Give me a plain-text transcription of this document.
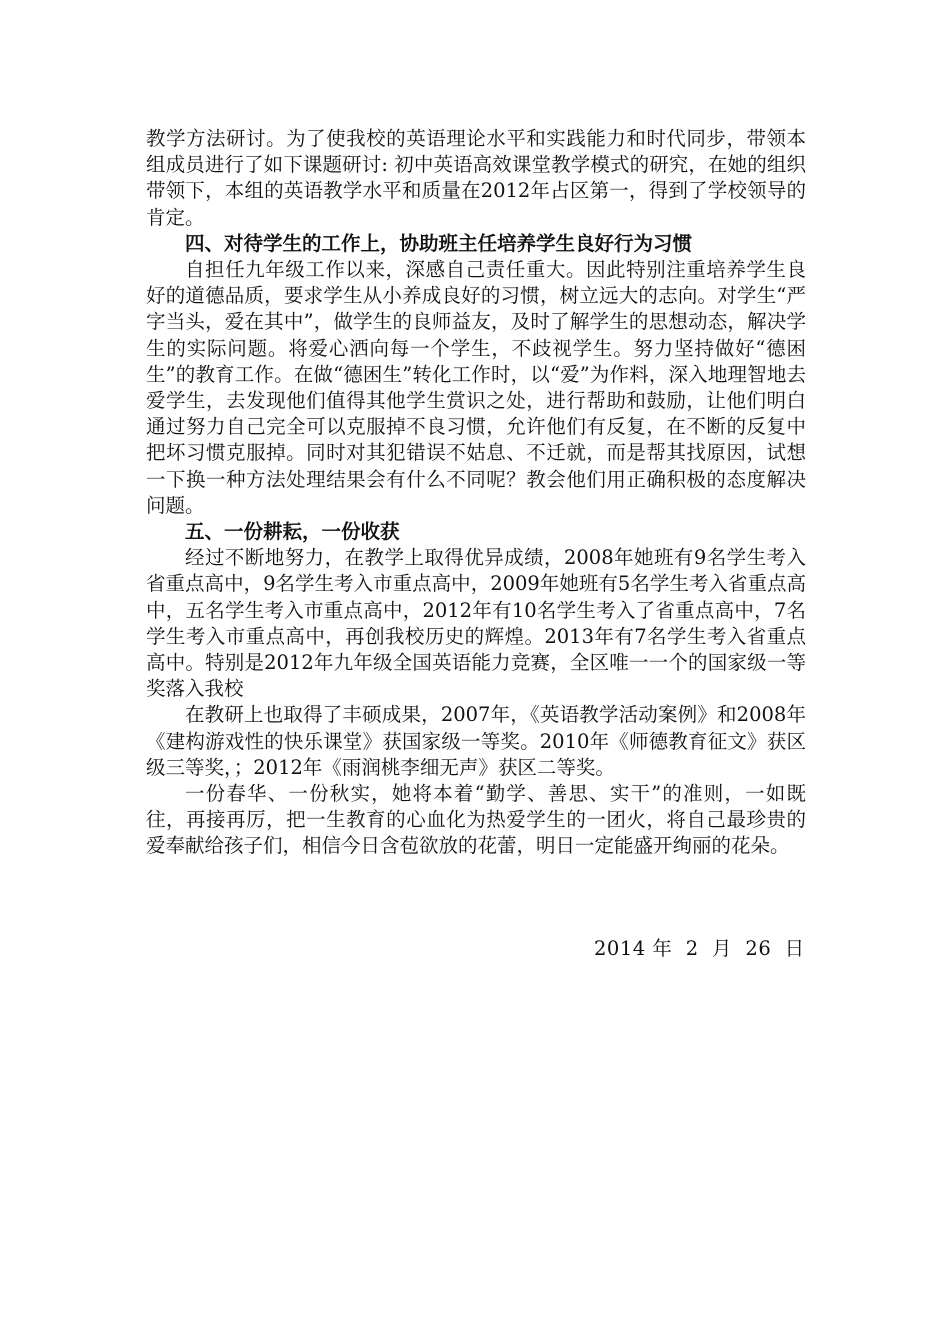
教学方法研讨。为了使我校的英语理论水平和实践能力和时代同步，带领本组成员进行了如下课题研讨: 初中英语高效课堂教学模式的研究，在她的组织带领下，本组的英语教学水平和质量在2012年占区第一，得到了学校领导的肯定。

四、对待学生的工作上，协助班主任培养学生良好行为习惯

自担任九年级工作以来，深感自己责任重大。因此特别注重培养学生良好的道德品质，要求学生从小养成良好的习惯，树立远大的志向。对学生“严字当头，爱在其中”，做学生的良师益友，及时了解学生的思想动态，解决学生的实际问题。将爱心洒向每一个学生，不歧视学生。努力坚持做好“德困生”的教育工作。在做“德困生”转化工作时，以“爱”为作料，深入地理智地去爱学生，去发现他们值得其他学生赏识之处，进行帮助和鼓励，让他们明白通过努力自己完全可以克服掉不良习惯，允许他们有反复，在不断的反复中把坏习惯克服掉。同时对其犯错误不姑息、不迁就，而是帮其找原因，试想一下换一种方法处理结果会有什么不同呢？教会他们用正确积极的态度解决问题。

五、一份耕耘，一份收获

经过不断地努力，在教学上取得优异成绩，2008年她班有9名学生考入省重点高中，9名学生考入市重点高中，2009年她班有5名学生考入省重点高中，五名学生考入市重点高中，2012年有10名学生考入了省重点高中，7名学生考入市重点高中，再创我校历史的辉煌。2013年有7名学生考入省重点高中。特别是2012年九年级全国英语能力竞赛，全区唯一一个的国家级一等奖落入我校

在教研上也取得了丰硕成果，2007年，《英语教学活动案例》和2008年《建构游戏性的快乐课堂》获国家级一等奖。2010年《师德教育征文》获区级三等奖，；2012年《雨润桃李细无声》获区二等奖。

一份春华、一份秋实，她将本着“勤学、善思、实干”的准则，一如既往，再接再厉，把一生教育的心血化为热爱学生的一团火，将自己最珍贵的爱奉献给孩子们，相信今日含苞欲放的花蕾，明日一定能盛开绚丽的花朵。

2014 年  2  月  26  日
